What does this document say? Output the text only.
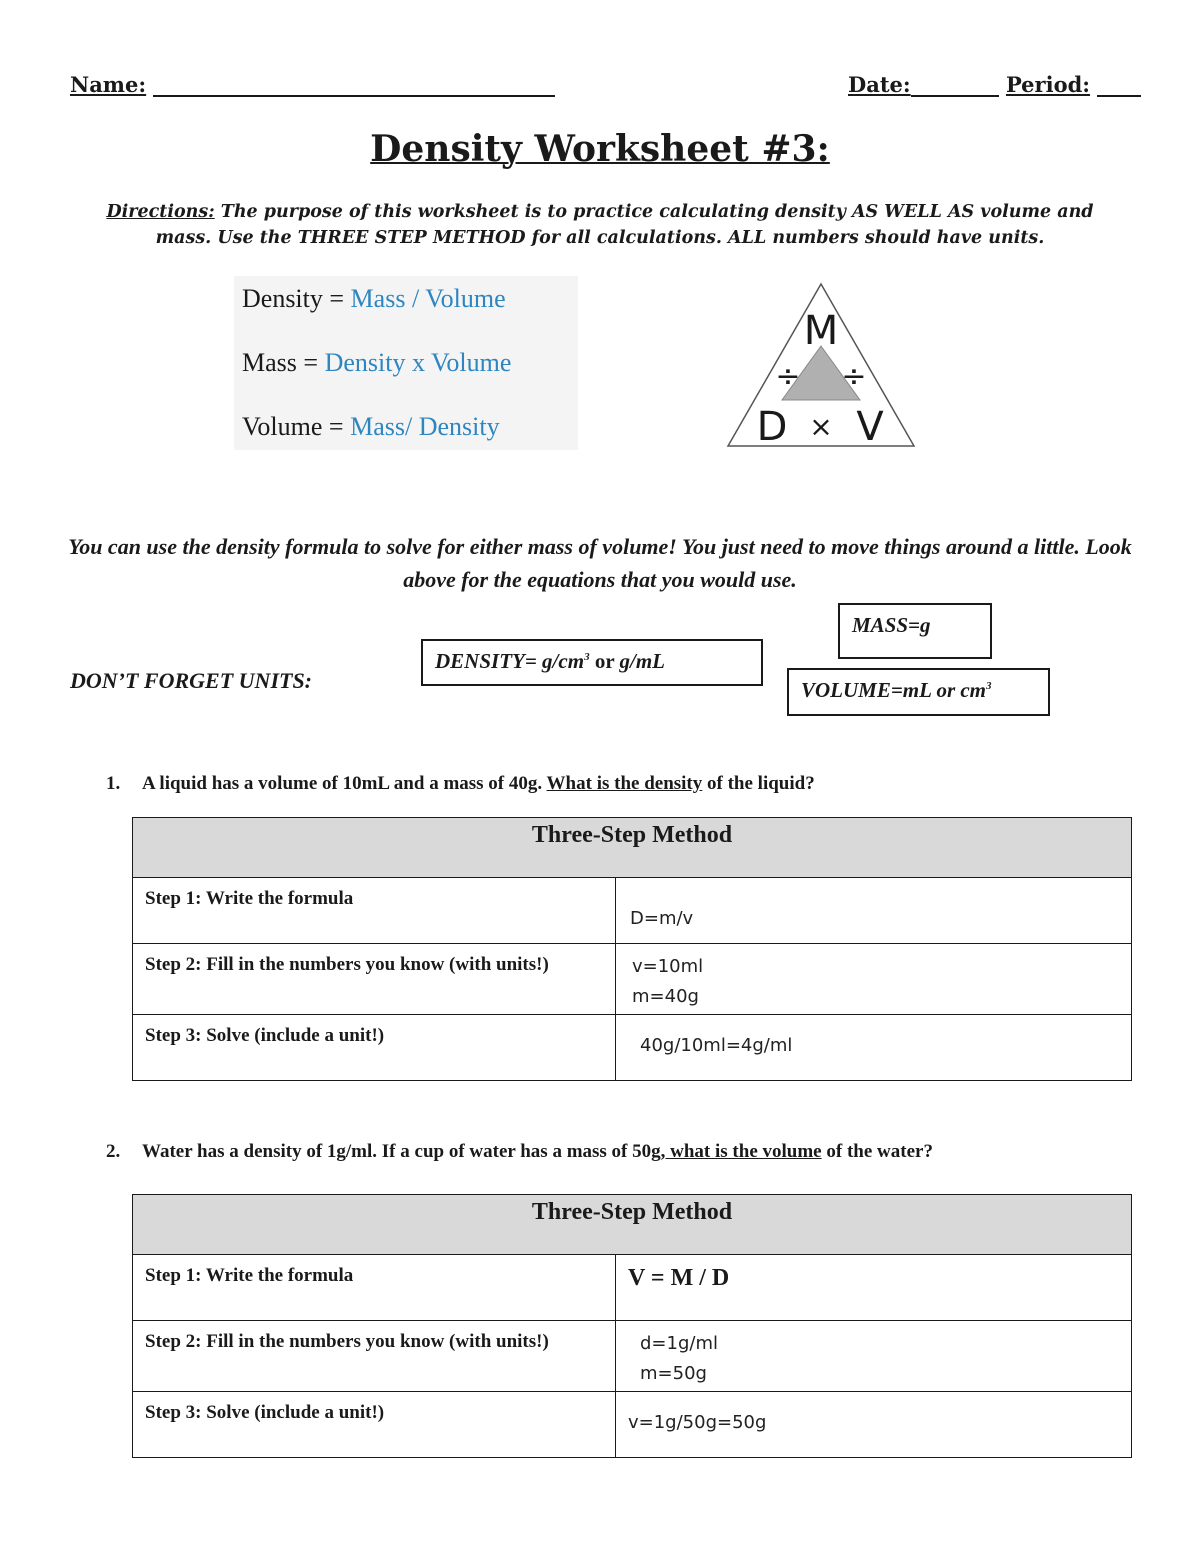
Name:	Date:	Period:
Density Worksheet #3:
Directions: The purpose of this worksheet is to practice calculating density AS WELL AS volume and mass. Use the THREE STEP METHOD for all calculations. ALL numbers should have units.
Density = Mass / Volume
Mass = Density x Volume
Volume = Mass/ Density
M
÷ ÷
D × V
You can use the density formula to solve for either mass of volume! You just need to move things around a little. Look above for the equations that you would use.
DON’T FORGET UNITS:
DENSITY= $g/cm^3$ or g/mL
MASS=g
VOLUME=mL or $cm^3$
1. A liquid has a volume of 10mL and a mass of 40g. What is the density of the liquid?
Three-Step Method	
Step 1: Write the formula	D=m/v
Step 2: Fill in the numbers you know (with units!)	v=10ml
m=40g

Step 3: Solve (include a unit!)	40g/10ml=4g/ml
2. Water has a density of 1g/ml. If a cup of water has a mass of 50g, what is the volume of the water?
Three-Step Method	
Step 1: Write the formula	V = M / D
Step 2: Fill in the numbers you know (with units!)	d=1g/ml
m=50g

Step 3: Solve (include a unit!)	v=1g/50g=50g
